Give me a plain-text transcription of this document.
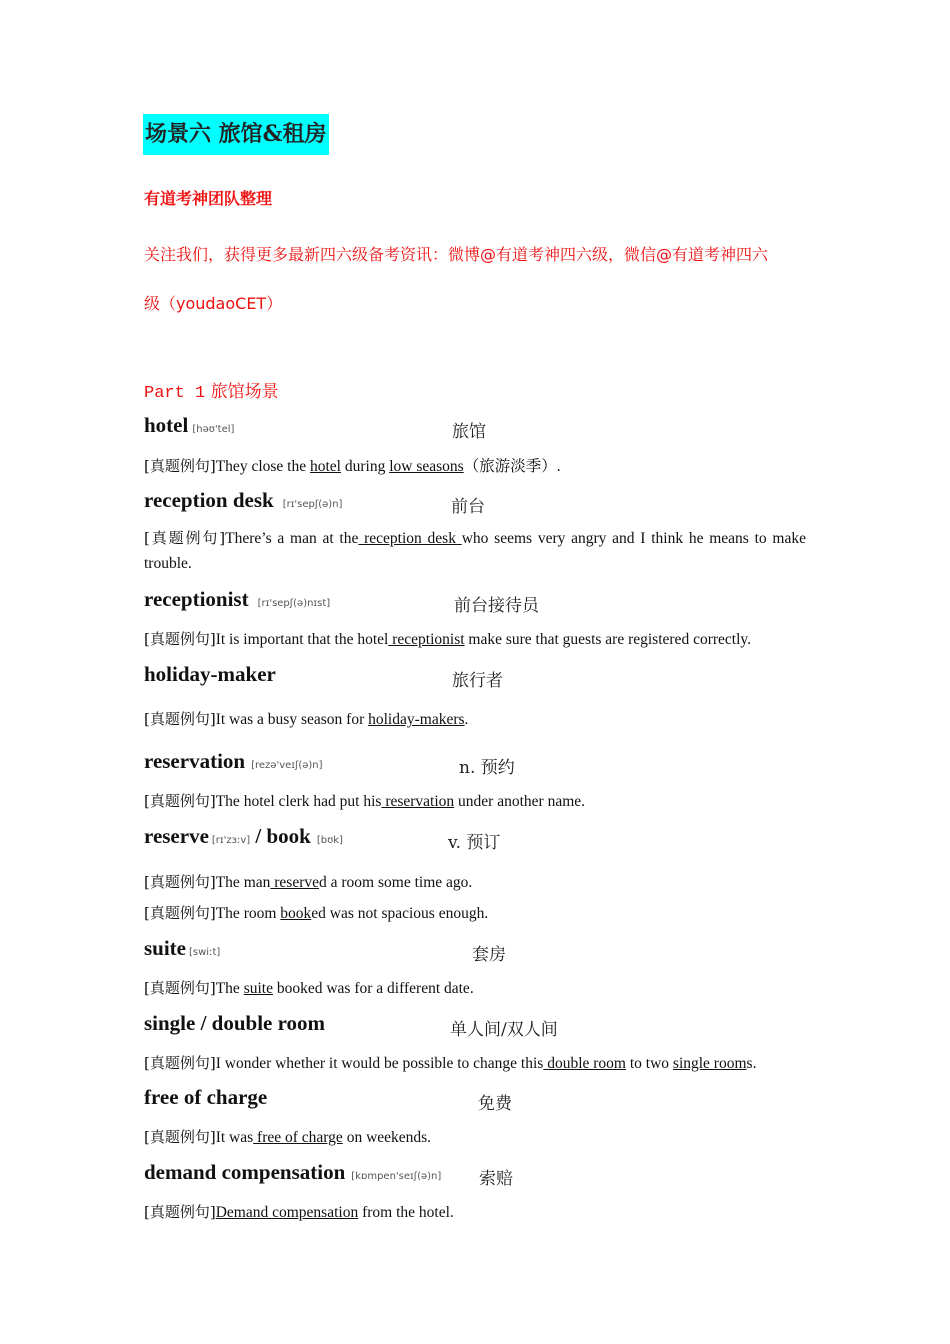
场景六 旅馆&租房
有道考神团队整理
关注我们，获得更多最新四六级备考资讯：微博@有道考神四六级，微信@有道考神四六
级（youdaoCET）
Part 1 旅馆场景
hotel [həʊ'tel]	旅馆
[真题例句]They close the hotel during low seasons（旅游淡季）.
reception desk [rɪ'sepʃ(ə)n]	前台
[真题例句]There’s a man at the reception desk who seems very angry and I think he means to make trouble.
receptionist [rɪ'sepʃ(ə)nɪst]	前台接待员
[真题例句]It is important that the hotel receptionist make sure that guests are registered correctly.
holiday-maker	旅行者
[真题例句]It was a busy season for holiday-makers.
reservation [rezə'veɪʃ(ə)n]	n. 预约
[真题例句]The hotel clerk had put his reservation under another name.
reserve [rɪ'zɜːv] / book [bʊk]	v. 预订
[真题例句]The man reserved a room some time ago.
[真题例句]The room booked was not spacious enough.
suite [swiːt]	套房
[真题例句]The suite booked was for a different date.
single / double room	单人间/双人间
[真题例句]I wonder whether it would be possible to change this double room to two single rooms.
free of charge	免费
[真题例句]It was free of charge on weekends.
demand compensation [kɒmpen'seɪʃ(ə)n] 索赔
[真题例句]Demand compensation from the hotel.
